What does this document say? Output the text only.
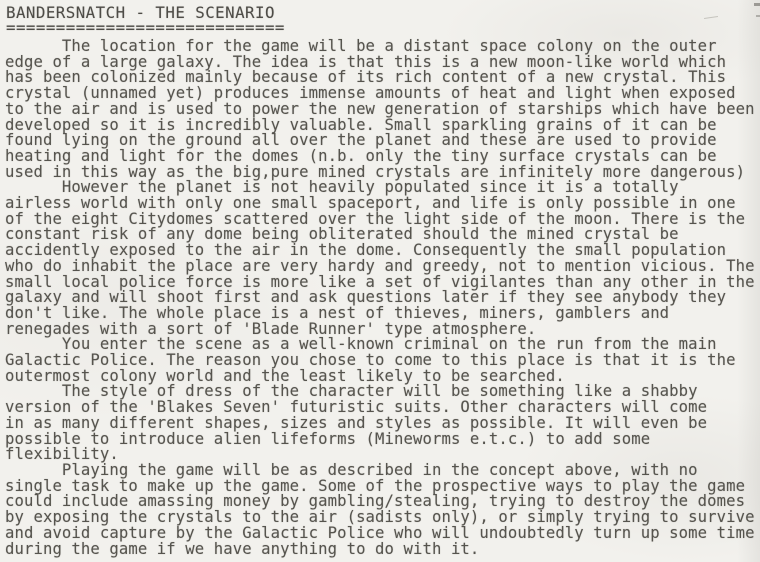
BANDERSNATCH - THE SCENARIO
============================
The location for the game will be a distant space colony on the outer
edge of a large galaxy. The idea is that this is a new moon-like world which
has been colonized mainly because of its rich content of a new crystal. This
crystal (unnamed yet) produces immense amounts of heat and light when exposed
to the air and is used to power the new generation of starships which have been
developed so it is incredibly valuable. Small sparkling grains of it can be
found lying on the ground all over the planet and these are used to provide
heating and light for the domes (n.b. only the tiny surface crystals can be
used in this way as the big,pure mined crystals are infinitely more dangerous)
However the planet is not heavily populated since it is a totally
airless world with only one small spaceport, and life is only possible in one
of the eight Citydomes scattered over the light side of the moon. There is the
constant risk of any dome being obliterated should the mined crystal be
accidently exposed to the air in the dome. Consequently the small population
who do inhabit the place are very hardy and greedy, not to mention vicious. The
small local police force is more like a set of vigilantes than any other in the
galaxy and will shoot first and ask questions later if they see anybody they
don't like. The whole place is a nest of thieves, miners, gamblers and
renegades with a sort of 'Blade Runner' type atmosphere.
You enter the scene as a well-known criminal on the run from the main
Galactic Police. The reason you chose to come to this place is that it is the
outermost colony world and the least likely to be searched.
The style of dress of the character will be something like a shabby
version of the 'Blakes Seven' futuristic suits. Other characters will come
in as many different shapes, sizes and styles as possible. It will even be
possible to introduce alien lifeforms (Mineworms e.t.c.) to add some
flexibility.
Playing the game will be as described in the concept above, with no
single task to make up the game. Some of the prospective ways to play the game
could include amassing money by gambling/stealing, trying to destroy the domes
by exposing the crystals to the air (sadists only), or simply trying to survive
and avoid capture by the Galactic Police who will undoubtedly turn up some time
during the game if we have anything to do with it.
